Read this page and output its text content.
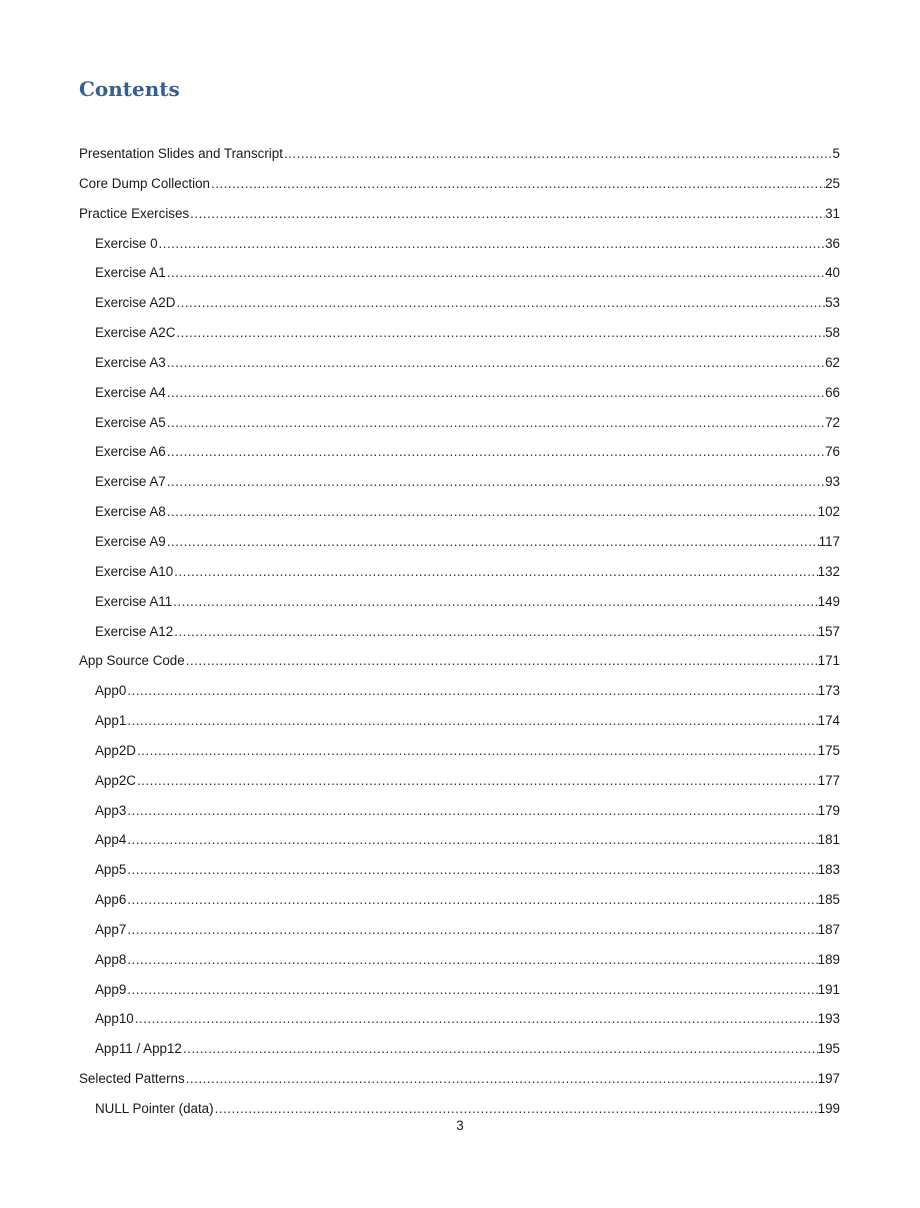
Contents
Presentation Slides and Transcript .....	5
Core Dump Collection .....	25
Practice Exercises .....	31
Exercise 0 .....	36
Exercise A1 .....	40
Exercise A2D .....	53
Exercise A2C .....	58
Exercise A3 .....	62
Exercise A4 .....	66
Exercise A5 .....	72
Exercise A6 .....	76
Exercise A7 .....	93
Exercise A8 .....	102
Exercise A9 .....	117
Exercise A10 .....	132
Exercise A11 .....	149
Exercise A12 .....	157
App Source Code .....	171
App0 .....	173
App1 .....	174
App2D .....	175
App2C .....	177
App3 .....	179
App4 .....	181
App5 .....	183
App6 .....	185
App7 .....	187
App8 .....	189
App9 .....	191
App10 .....	193
App11 / App12 .....	195
Selected Patterns .....	197
NULL Pointer (data) .....	199
3
